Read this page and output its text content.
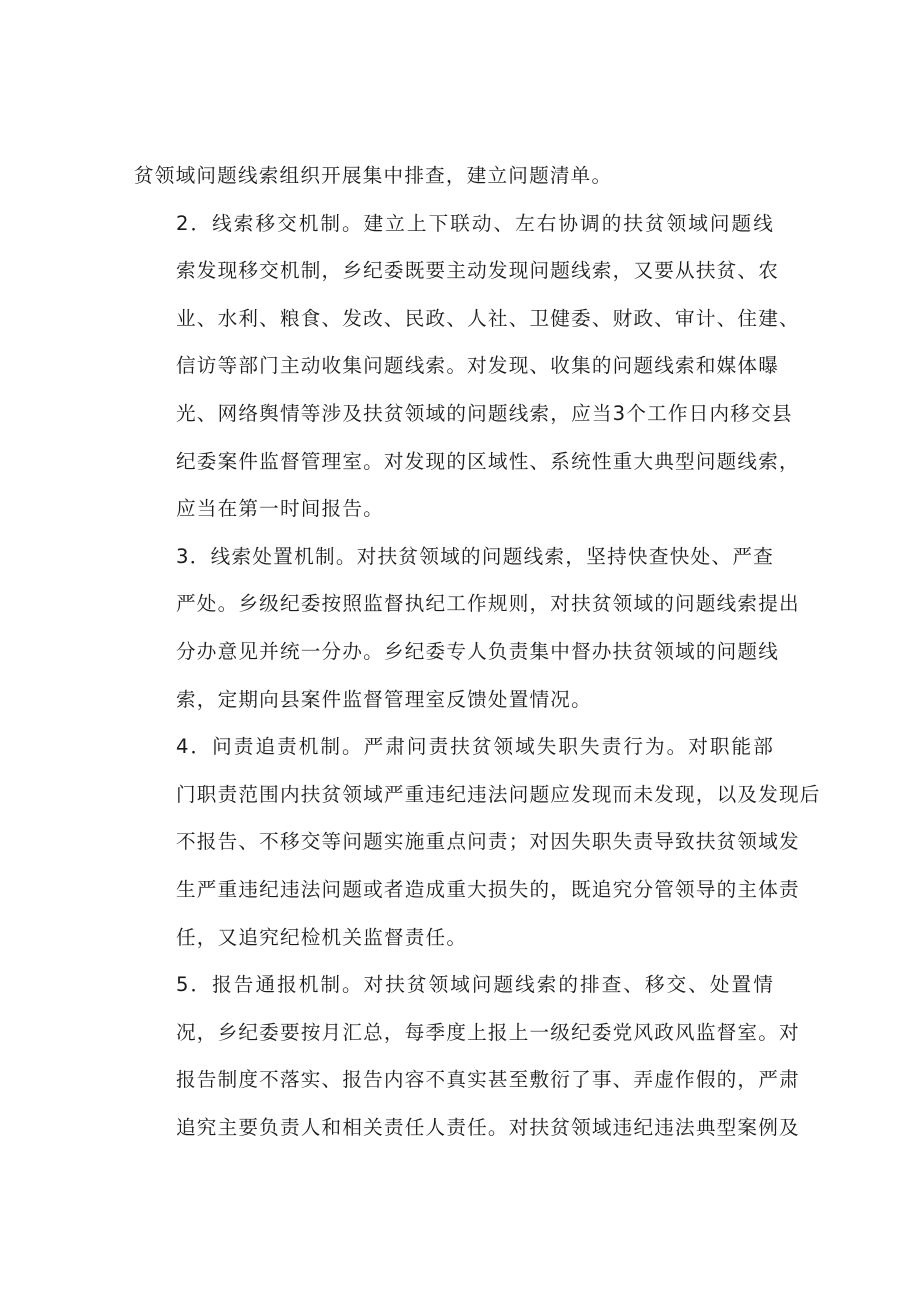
贫领域问题线索组织开展集中排查，建立问题清单。

2．线索移交机制。建立上下联动、左右协调的扶贫领域问题线
索发现移交机制，乡纪委既要主动发现问题线索，又要从扶贫、农
业、水利、粮食、发改、民政、人社、卫健委、财政、审计、住建、
信访等部门主动收集问题线索。对发现、收集的问题线索和媒体曝
光、网络舆情等涉及扶贫领域的问题线索，应当3个工作日内移交县
纪委案件监督管理室。对发现的区域性、系统性重大典型问题线索，
应当在第一时间报告。

3．线索处置机制。对扶贫领域的问题线索，坚持快查快处、严查
严处。乡级纪委按照监督执纪工作规则，对扶贫领域的问题线索提出
分办意见并统一分办。乡纪委专人负责集中督办扶贫领域的问题线
索，定期向县案件监督管理室反馈处置情况。

4．问责追责机制。严肃问责扶贫领域失职失责行为。对职能部
门职责范围内扶贫领域严重违纪违法问题应发现而未发现，以及发现后
不报告、不移交等问题实施重点问责；对因失职失责导致扶贫领域发
生严重违纪违法问题或者造成重大损失的，既追究分管领导的主体责
任，又追究纪检机关监督责任。

5．报告通报机制。对扶贫领域问题线索的排查、移交、处置情
况，乡纪委要按月汇总，每季度上报上一级纪委党风政风监督室。对
报告制度不落实、报告内容不真实甚至敷衍了事、弄虚作假的，严肃
追究主要负责人和相关责任人责任。对扶贫领域违纪违法典型案例及
